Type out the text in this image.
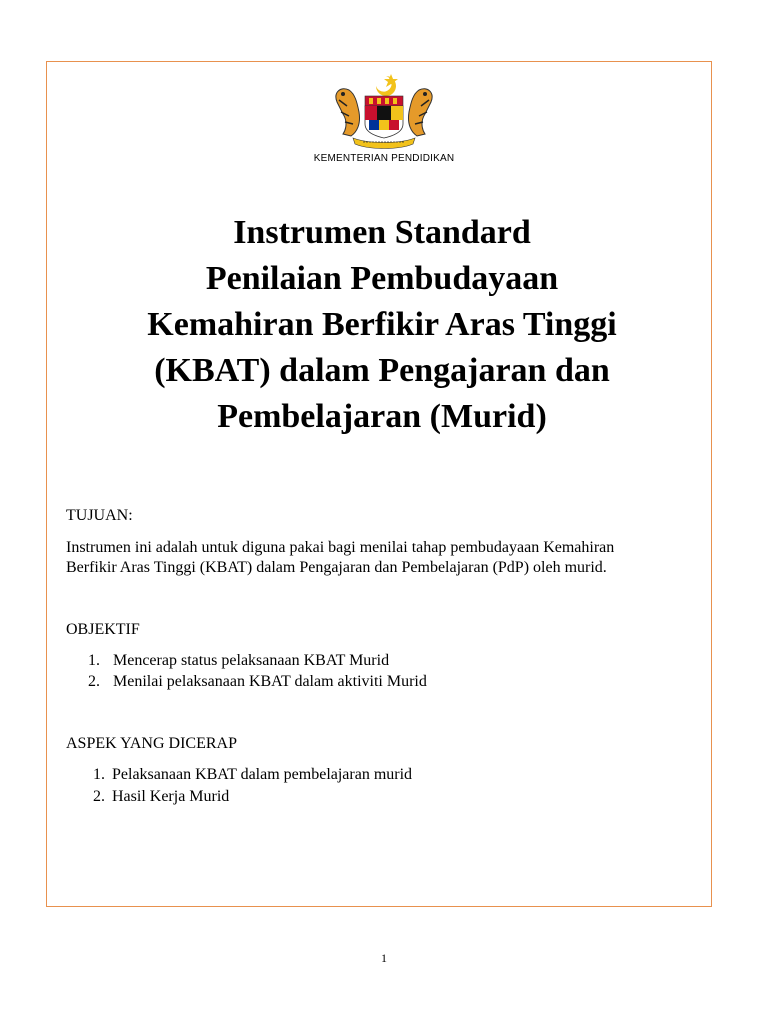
KEMENTERIAN PENDIDIKAN
Instrumen Standard
Penilaian Pembudayaan
Kemahiran Berfikir Aras Tinggi
(KBAT) dalam Pengajaran dan
Pembelajaran (Murid)
TUJUAN:
Instrumen ini adalah untuk diguna pakai bagi menilai tahap pembudayaan Kemahiran
Berfikir Aras Tinggi (KBAT) dalam Pengajaran dan Pembelajaran (PdP) oleh murid.
OBJEKTIF
1. Mencerap status pelaksanaan KBAT Murid
2. Menilai pelaksanaan KBAT dalam aktiviti Murid
ASPEK YANG DICERAP
1. Pelaksanaan KBAT dalam pembelajaran murid
2. Hasil Kerja Murid
1
